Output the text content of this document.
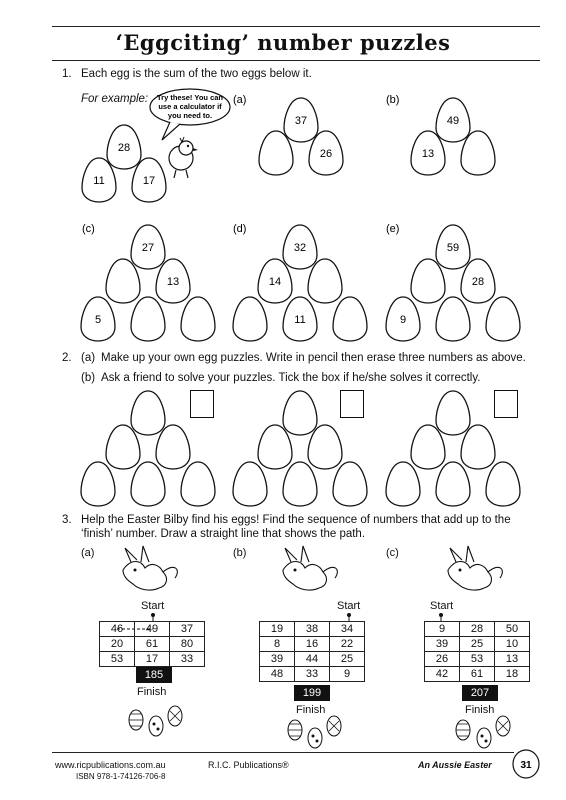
‘Eggciting’ number puzzles
1. Each egg is the sum of the two eggs below it.
For example: Try these! You can
use a calculator if
you need to.
28
11	17
(a)
37
26
(b)
49
13
(c)
27
13
5
(d)
32
14
11
(e)
59
28
9
31
2. (a) Make up your own egg puzzles. Write in pencil then erase three numbers as above.
(b) Ask a friend to solve your puzzles. Tick the box if he/she solves it correctly.
3. Help the Easter Bilby find his eggs! Find the sequence of numbers that add up to the
‘finish’ number. Draw a straight line that shows the path.
(a)
Start
46	49	37
20	61	80
53	17	33
185
Finish
(b)
Start
19	38	34
8	16	22
39	44	25
48	33	9
199
Finish
(c)
Start
9	28	50
39	25	10
26	53	13
42	61	18
207
Finish
www.ricpublications.com.au	R.I.C. Publications®
ISBN 978-1-74126-706-8
An Aussie Easter
